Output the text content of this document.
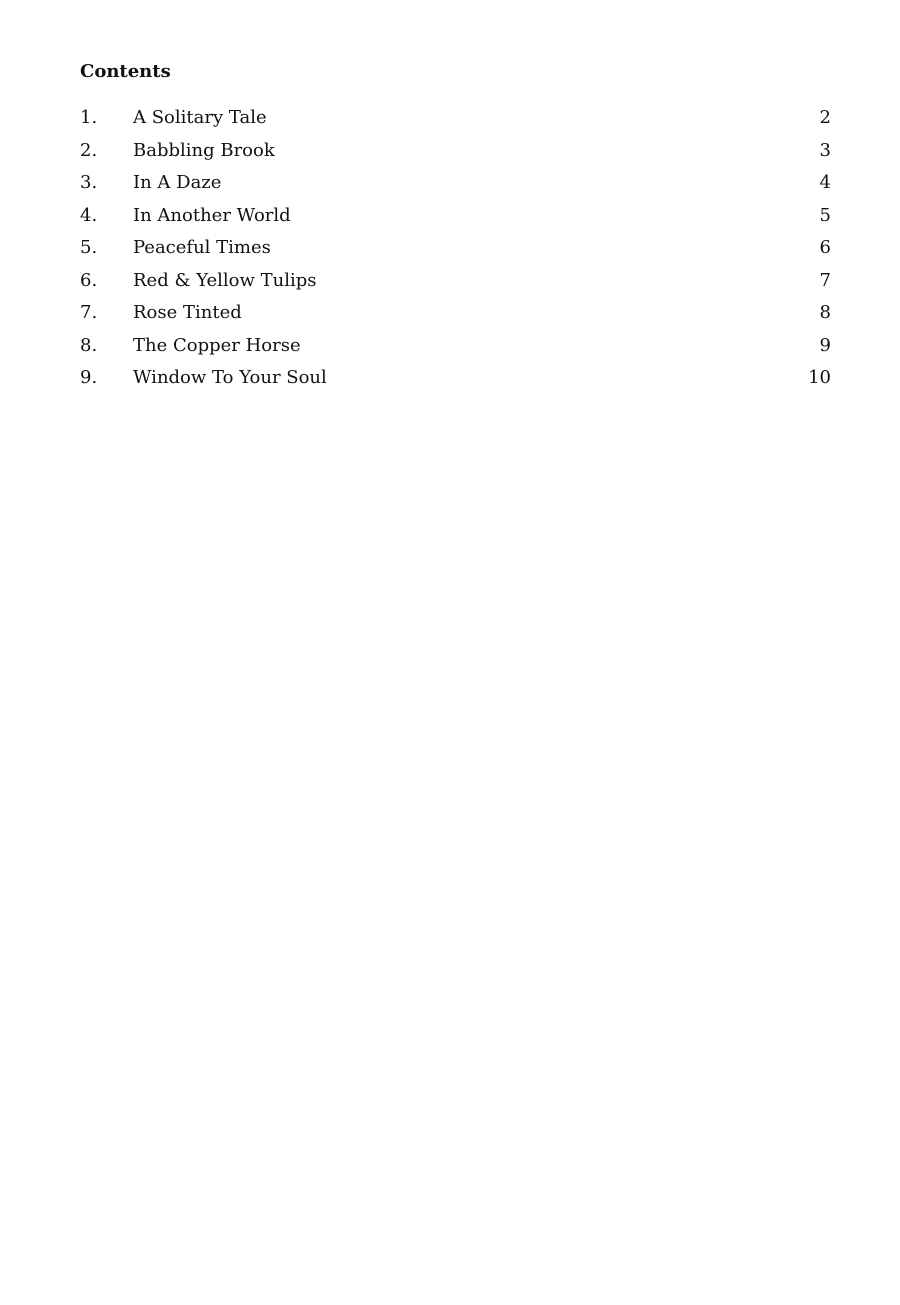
Contents
1. A Solitary Tale	2
2. Babbling Brook	3
3. In A Daze	4
4. In Another World	5
5. Peaceful Times	6
6. Red & Yellow Tulips	7
7. Rose Tinted	8
8. The Copper Horse	9
9. Window To Your Soul	10
